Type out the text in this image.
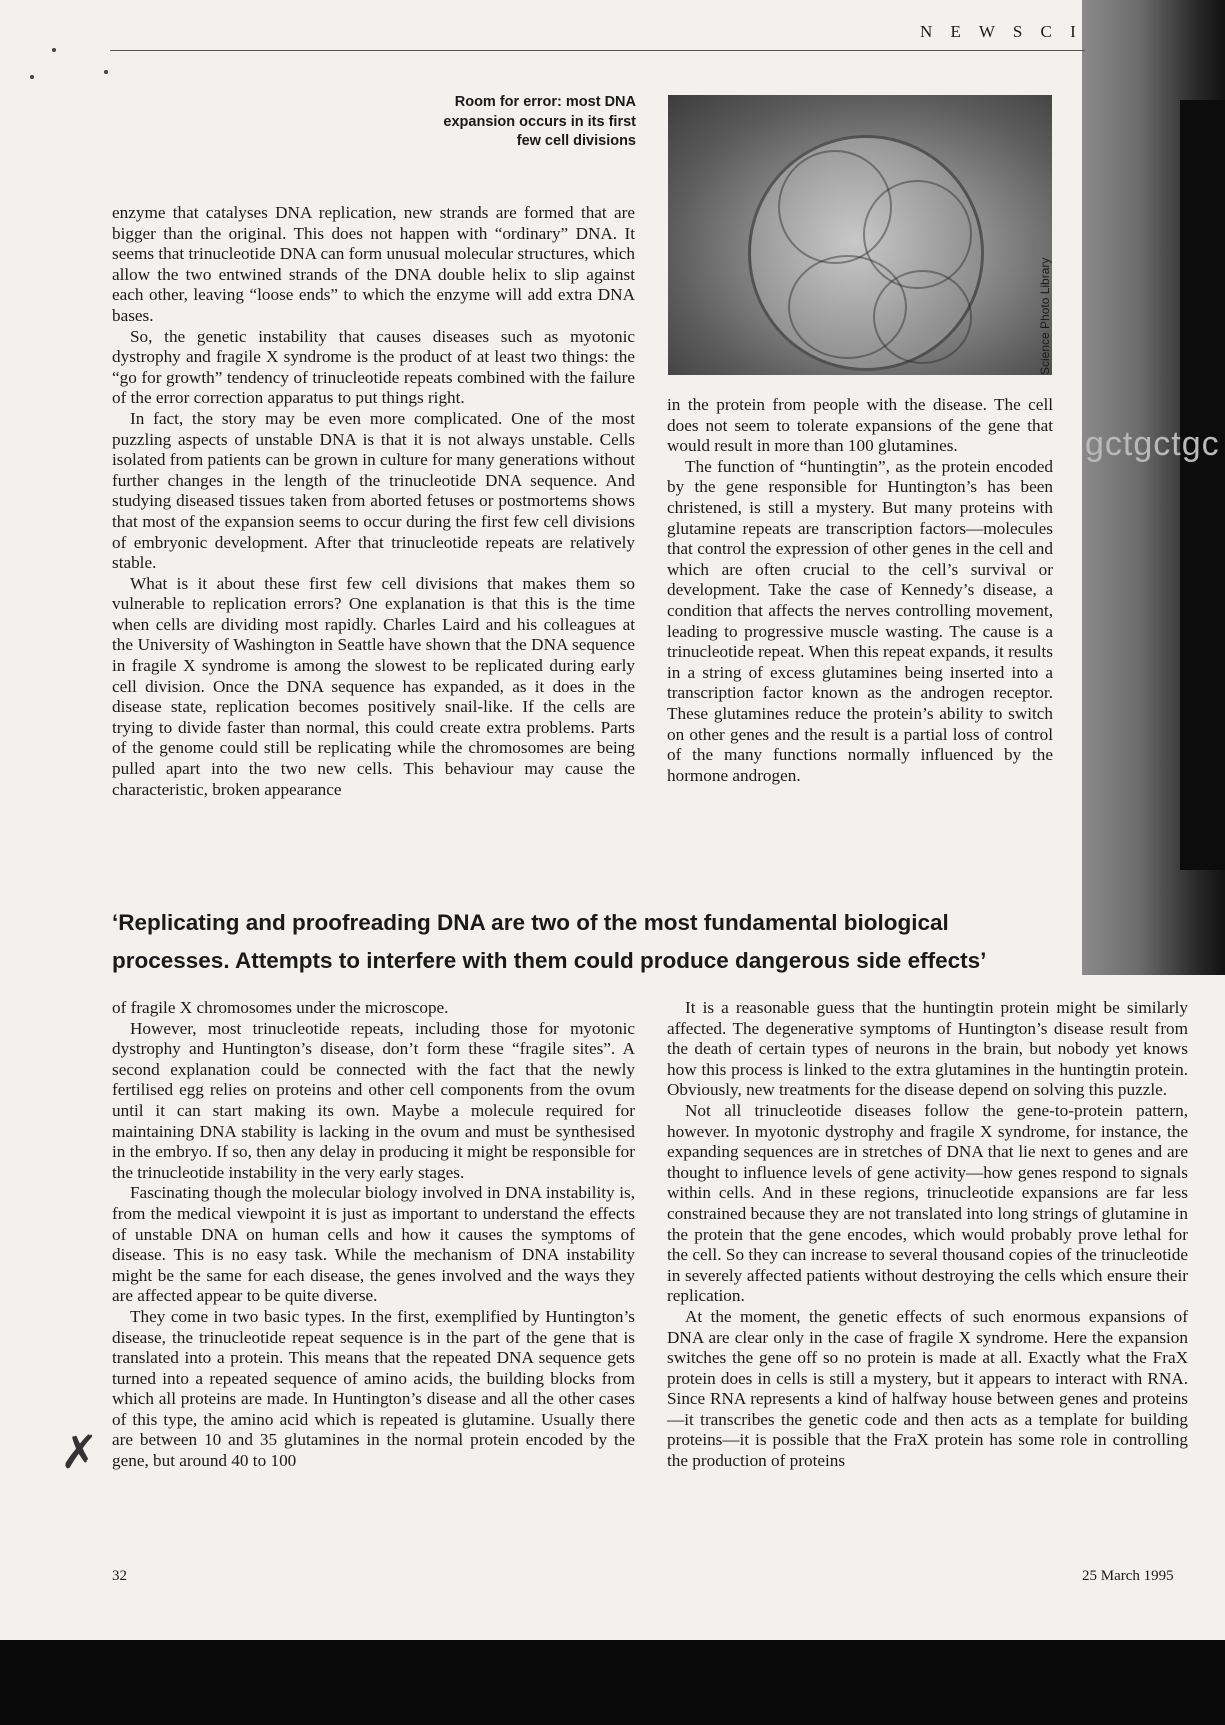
gctgctgc
N E W S C I
Room for error: most DNA expansion occurs in its first few cell divisions
Science Photo Library

enzyme that catalyses DNA replication, new strands are formed that are bigger than the original. This does not happen with “ordinary” DNA. It seems that trinucleotide DNA can form unusual molecular structures, which allow the two entwined strands of the DNA double helix to slip against each other, leaving “loose ends” to which the enzyme will add extra DNA bases.

So, the genetic instability that causes diseases such as myotonic dystrophy and fragile X syndrome is the product of at least two things: the “go for growth” tendency of trinucleotide repeats combined with the failure of the error correction apparatus to put things right.

In fact, the story may be even more complicated. One of the most puzzling aspects of unstable DNA is that it is not always unstable. Cells isolated from patients can be grown in culture for many generations without further changes in the length of the trinucleotide DNA sequence. And studying diseased tissues taken from aborted fetuses or postmortems shows that most of the expansion seems to occur during the first few cell divisions of embryonic development. After that trinucleotide repeats are relatively stable.

What is it about these first few cell divisions that makes them so vulnerable to replication errors? One explanation is that this is the time when cells are dividing most rapidly. Charles Laird and his colleagues at the University of Washington in Seattle have shown that the DNA sequence in fragile X syndrome is among the slowest to be replicated during early cell division. Once the DNA sequence has expanded, as it does in the disease state, replication becomes positively snail-like. If the cells are trying to divide faster than normal, this could create extra problems. Parts of the genome could still be replicating while the chromosomes are being pulled apart into the two new cells. This behaviour may cause the characteristic, broken appearance

in the protein from people with the disease. The cell does not seem to tolerate expansions of the gene that would result in more than 100 glutamines.

The function of “huntingtin”, as the protein encoded by the gene responsible for Huntington’s has been christened, is still a mystery. But many proteins with glutamine repeats are transcription factors—molecules that control the expression of other genes in the cell and which are often crucial to the cell’s survival or development. Take the case of Kennedy’s disease, a condition that affects the nerves controlling movement, leading to progressive muscle wasting. The cause is a trinucleotide repeat. When this repeat expands, it results in a string of excess glutamines being inserted into a transcription factor known as the androgen receptor. These glutamines reduce the protein’s ability to switch on other genes and the result is a partial loss of control of the many functions normally influenced by the hormone androgen.

‘Replicating and proofreading DNA are two of the most fundamental biological processes. Attempts to interfere with them could produce dangerous side effects’

of fragile X chromosomes under the microscope.

However, most trinucleotide repeats, including those for myotonic dystrophy and Huntington’s disease, don’t form these “fragile sites”. A second explanation could be connected with the fact that the newly fertilised egg relies on proteins and other cell components from the ovum until it can start making its own. Maybe a molecule required for maintaining DNA stability is lacking in the ovum and must be synthesised in the embryo. If so, then any delay in producing it might be responsible for the trinucleotide instability in the very early stages.

Fascinating though the molecular biology involved in DNA instability is, from the medical viewpoint it is just as important to understand the effects of unstable DNA on human cells and how it causes the symptoms of disease. This is no easy task. While the mechanism of DNA instability might be the same for each disease, the genes involved and the ways they are affected appear to be quite diverse.

They come in two basic types. In the first, exemplified by Huntington’s disease, the trinucleotide repeat sequence is in the part of the gene that is translated into a protein. This means that the repeated DNA sequence gets turned into a repeated sequence of amino acids, the building blocks from which all proteins are made. In Huntington’s disease and all the other cases of this type, the amino acid which is repeated is glutamine. Usually there are between 10 and 35 glutamines in the normal protein encoded by the gene, but around 40 to 100

It is a reasonable guess that the huntingtin protein might be similarly affected. The degenerative symptoms of Huntington’s disease result from the death of certain types of neurons in the brain, but nobody yet knows how this process is linked to the extra glutamines in the huntingtin protein. Obviously, new treatments for the disease depend on solving this puzzle.

Not all trinucleotide diseases follow the gene-to-protein pattern, however. In myotonic dystrophy and fragile X syndrome, for instance, the expanding sequences are in stretches of DNA that lie next to genes and are thought to influence levels of gene activity—how genes respond to signals within cells. And in these regions, trinucleotide expansions are far less constrained because they are not translated into long strings of glutamine in the protein that the gene encodes, which would probably prove lethal for the cell. So they can increase to several thousand copies of the trinucleotide in severely affected patients without destroying the cells which ensure their replication.

At the moment, the genetic effects of such enormous expansions of DNA are clear only in the case of fragile X syndrome. Here the expansion switches the gene off so no protein is made at all. Exactly what the FraX protein does in cells is still a mystery, but it appears to interact with RNA. Since RNA represents a kind of halfway house between genes and proteins—it transcribes the genetic code and then acts as a template for building proteins—it is possible that the FraX protein has some role in controlling the production of proteins

✗
32	25 March 1995
